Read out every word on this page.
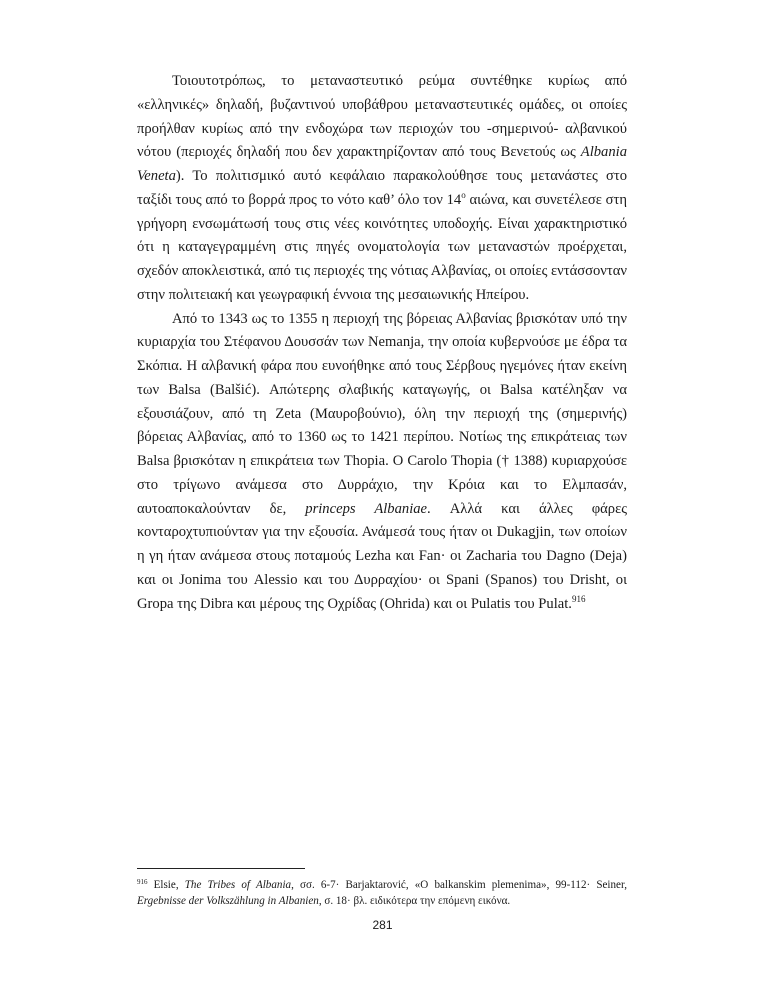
Τοιουτοτρόπως, το μεταναστευτικό ρεύμα συντέθηκε κυρίως από «ελληνικές» δηλαδή, βυζαντινού υποβάθρου μεταναστευτικές ομάδες, οι οποίες προήλθαν κυρίως από την ενδοχώρα των περιοχών του -σημερινού- αλβανικού νότου (περιοχές δηλαδή που δεν χαρακτηρίζονταν από τους Βενετούς ως Albania Veneta). Το πολιτισμικό αυτό κεφάλαιο παρακολούθησε τους μετανάστες στο ταξίδι τους από το βορρά προς το νότο καθ’ όλο τον $14^o$ αιώνα, και συνετέλεσε στη γρήγορη ενσωμάτωσή τους στις νέες κοινότητες υποδοχής. Είναι χαρακτηριστικό ότι η καταγεγραμμένη στις πηγές ονοματολογία των μεταναστών προέρχεται, σχεδόν αποκλειστικά, από τις περιοχές της νότιας Αλβανίας, οι οποίες εντάσσονταν στην πολιτειακή και γεωγραφική έννοια της μεσαιωνικής Ηπείρου.

Από το 1343 ως το 1355 η περιοχή της βόρειας Αλβανίας βρισκόταν υπό την κυριαρχία του Στέφανου Δουσσάν των Nemanja, την οποία κυβερνούσε με έδρα τα Σκόπια. Η αλβανική φάρα που ευνοήθηκε από τους Σέρβους ηγεμόνες ήταν εκείνη των Balsa (Balšić). Απώτερης σλαβικής καταγωγής, οι Balsa κατέληξαν να εξουσιάζουν, από τη Zeta (Μαυροβούνιο), όλη την περιοχή της (σημερινής) βόρειας Αλβανίας, από το 1360 ως το 1421 περίπου. Νοτίως της επικράτειας των Balsa βρισκόταν η επικράτεια των Thopia. O Carolo Thopia († 1388) κυριαρχούσε στο τρίγωνο ανάμεσα στο Δυρράχιο, την Κρόια και το Ελμπασάν, αυτοαποκαλούνταν δε, princeps Albaniae. Αλλά και άλλες φάρες κονταροχτυπιούνταν για την εξουσία. Ανάμεσά τους ήταν οι Dukagjin, των οποίων η γη ήταν ανάμεσα στους ποταμούς Lezha και Fan· οι Zacharia του Dagno (Deja) και οι Jonima του Alessio και του Δυρραχίου· οι Spani (Spanos) του Drisht, οι Gropa της Dibra και μέρους της Οχρίδας (Ohrida) και οι Pulatis του Pulat.$^{916}$

$^{916}$ Elsie, The Tribes of Albania, σσ. 6-7· Barjaktarović, «O balkanskim plemenima», 99-112· Seiner, Ergebnisse der Volkszählung in Albanien, σ. 18· βλ. ειδικότερα την επόμενη εικόνα.

281
